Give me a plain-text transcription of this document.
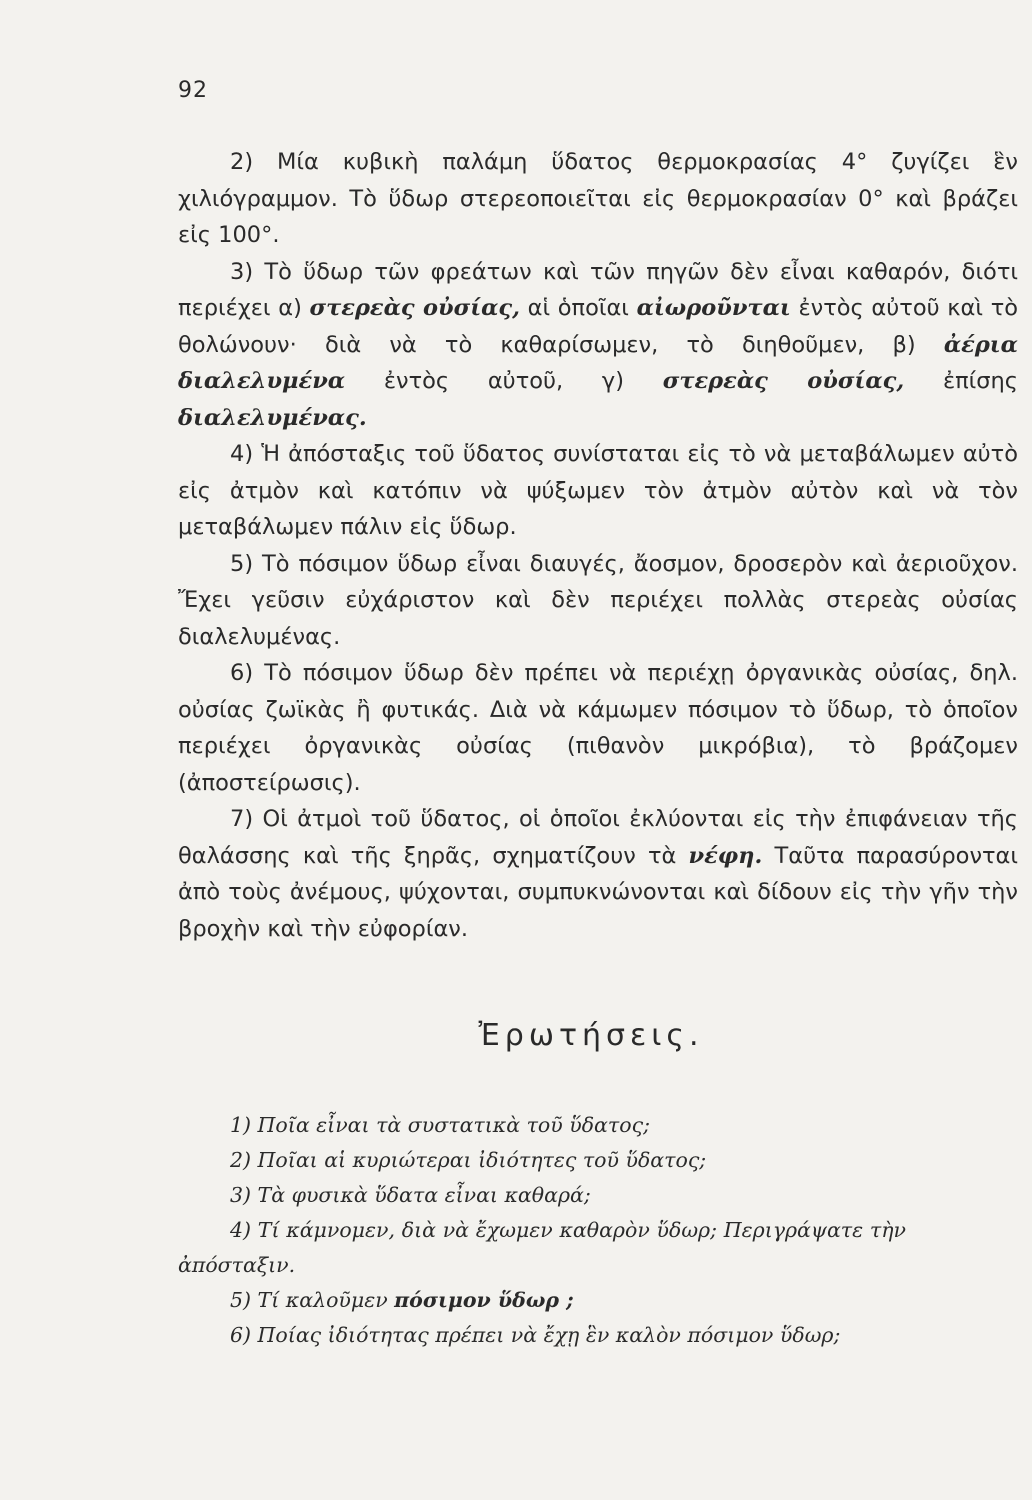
92

2) Μία κυβικὴ παλάμη ὕδατος θερμοκρασίας 4° ζυγίζει ἓν χιλιόγραμμον. Τὸ ὕδωρ στερεοποιεῖται εἰς θερμοκρασίαν 0° καὶ βράζει εἰς 100°.

3) Τὸ ὕδωρ τῶν φρεάτων καὶ τῶν πηγῶν δὲν εἶναι καθαρόν, διότι περιέχει α) στερεὰς οὐσίας, αἱ ὁποῖαι αἰωροῦνται ἐντὸς αὐτοῦ καὶ τὸ θολώνουν· διὰ νὰ τὸ καθαρίσωμεν, τὸ διηθοῦμεν, β) ἀέρια διαλελυμένα ἐντὸς αὐτοῦ, γ) στερεὰς οὐσίας, ἐπίσης διαλελυμένας.

4) Ἡ ἀπόσταξις τοῦ ὕδατος συνίσταται εἰς τὸ νὰ μεταβάλωμεν αὐτὸ εἰς ἀτμὸν καὶ κατόπιν νὰ ψύξωμεν τὸν ἀτμὸν αὐτὸν καὶ νὰ τὸν μεταβάλωμεν πάλιν εἰς ὕδωρ.

5) Τὸ πόσιμον ὕδωρ εἶναι διαυγές, ἄοσμον, δροσερὸν καὶ ἀεριοῦχον. Ἔχει γεῦσιν εὐχάριστον καὶ δὲν περιέχει πολλὰς στερεὰς οὐσίας διαλελυμένας.

6) Τὸ πόσιμον ὕδωρ δὲν πρέπει νὰ περιέχῃ ὀργανικὰς οὐσίας, δηλ. οὐσίας ζωϊκὰς ἢ φυτικάς. Διὰ νὰ κάμωμεν πόσιμον τὸ ὕδωρ, τὸ ὁποῖον περιέχει ὀργανικὰς οὐσίας (πιθανὸν μικρόβια), τὸ βράζομεν (ἀποστείρωσις).

7) Οἱ ἀτμοὶ τοῦ ὕδατος, οἱ ὁποῖοι ἐκλύονται εἰς τὴν ἐπιφάνειαν τῆς θαλάσσης καὶ τῆς ξηρᾶς, σχηματίζουν τὰ νέφη. Ταῦτα παρασύρονται ἀπὸ τοὺς ἀνέμους, ψύχονται, συμπυκνώνονται καὶ δίδουν εἰς τὴν γῆν τὴν βροχὴν καὶ τὴν εὐφορίαν.

Ἐρωτήσεις.

1) Ποῖα εἶναι τὰ συστατικὰ τοῦ ὕδατος;

2) Ποῖαι αἱ κυριώτεραι ἰδιότητες τοῦ ὕδατος;

3) Τὰ φυσικὰ ὕδατα εἶναι καθαρά;

4) Τί κάμνομεν, διὰ νὰ ἔχωμεν καθαρὸν ὕδωρ; Περιγράψατε τὴν ἀπόσταξιν.

5) Τί καλοῦμεν πόσιμον ὕδωρ ;

6) Ποίας ἰδιότητας πρέπει νὰ ἔχῃ ἓν καλὸν πόσιμον ὕδωρ;
